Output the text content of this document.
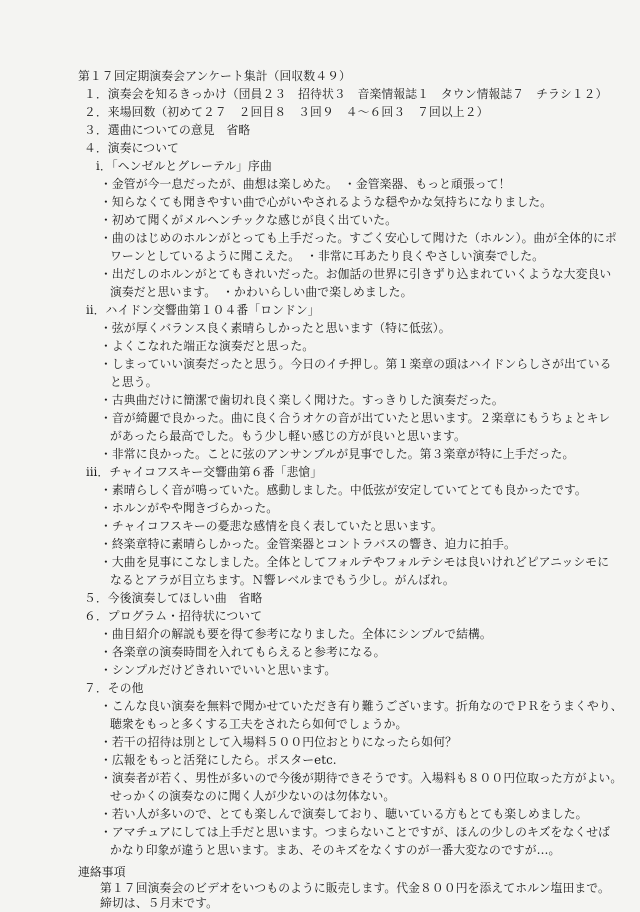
第１７回定期演奏会アンケート集計（回収数４９）
１．演奏会を知るきっかけ（団員２３　招待状３　音楽情報誌１　タウン情報誌７　チラシ１２）
２．来場回数（初めて２７　２回目８　３回９　４～６回３　７回以上２）
３．選曲についての意見　省略
４．演奏について
ⅰ．「ヘンゼルとグレーテル」序曲
・金管が今一息だったが、曲想は楽しめた。　・金管楽器、もっと頑張って！
・知らなくても聞きやすい曲で心がいやされるような穏やかな気持ちになりました。
・初めて聞くがメルヘンチックな感じが良く出ていた。
・曲のはじめのホルンがとっても上手だった。すごく安心して聞けた（ホルン）。曲が全体的にポ
ワーンとしているように聞こえた。　・非常に耳あたり良くやさしい演奏でした。
・出だしのホルンがとてもきれいだった。お伽話の世界に引きずり込まれていくような大変良い
演奏だと思います。　・かわいらしい曲で楽しめました。
ⅱ．ハイドン交響曲第１０４番「ロンドン」
・弦が厚くバランス良く素晴らしかったと思います（特に低弦）。
・よくこなれた端正な演奏だと思った。
・しまっていい演奏だったと思う。今日のイチ押し。第１楽章の頭はハイドンらしさが出ている
と思う。
・古典曲だけに簡潔で歯切れ良く楽しく聞けた。すっきりした演奏だった。
・音が綺麗で良かった。曲に良く合うオケの音が出ていたと思います。２楽章にもうちょとキレ
があったら最高でした。もう少し軽い感じの方が良いと思います。
・非常に良かった。ことに弦のアンサンブルが見事でした。第３楽章が特に上手だった。
ⅲ．チャイコフスキー交響曲第６番「悲愴」
・素晴らしく音が鳴っていた。感動しました。中低弦が安定していてとても良かったです。
・ホルンがやや聞きづらかった。
・チャイコフスキーの憂悲な感情を良く表していたと思います。
・終楽章特に素晴らしかった。金管楽器とコントラバスの響き、迫力に拍手。
・大曲を見事にこなしました。全体としてフォルテやフォルテシモは良いけれどピアニッシモに
なるとアラが目立ちます。Ｎ響レベルまでもう少し。がんばれ。
５．今後演奏してほしい曲　省略
６．プログラム・招待状について
・曲目紹介の解説も要を得て参考になりました。全体にシンプルで結構。
・各楽章の演奏時間を入れてもらえると参考になる。
・シンプルだけどきれいでいいと思います。
７．その他
・こんな良い演奏を無料で聞かせていただき有り難うございます。折角なのでＰＲをうまくやり、
聴衆をもっと多くする工夫をされたら如何でしょうか。
・若干の招待は別として入場料５００円位おとりになったら如何？
・広報をもっと活発にしたら。ポスターetc.
・演奏者が若く、男性が多いので今後が期待できそうです。入場料も８００円位取った方がよい。
せっかくの演奏なのに聞く人が少ないのは勿体ない。
・若い人が多いので、とても楽しんで演奏しており、聴いている方もとても楽しめました。
・アマチュアにしては上手だと思います。つまらないことですが、ほんの少しのキズをなくせば
かなり印象が違うと思います。まあ、そのキズをなくすのが一番大変なのですが…。
連絡事項
第１７回演奏会のビデオをいつものように販売します。代金８００円を添えてホルン塩田まで。
締切は、５月末です。
